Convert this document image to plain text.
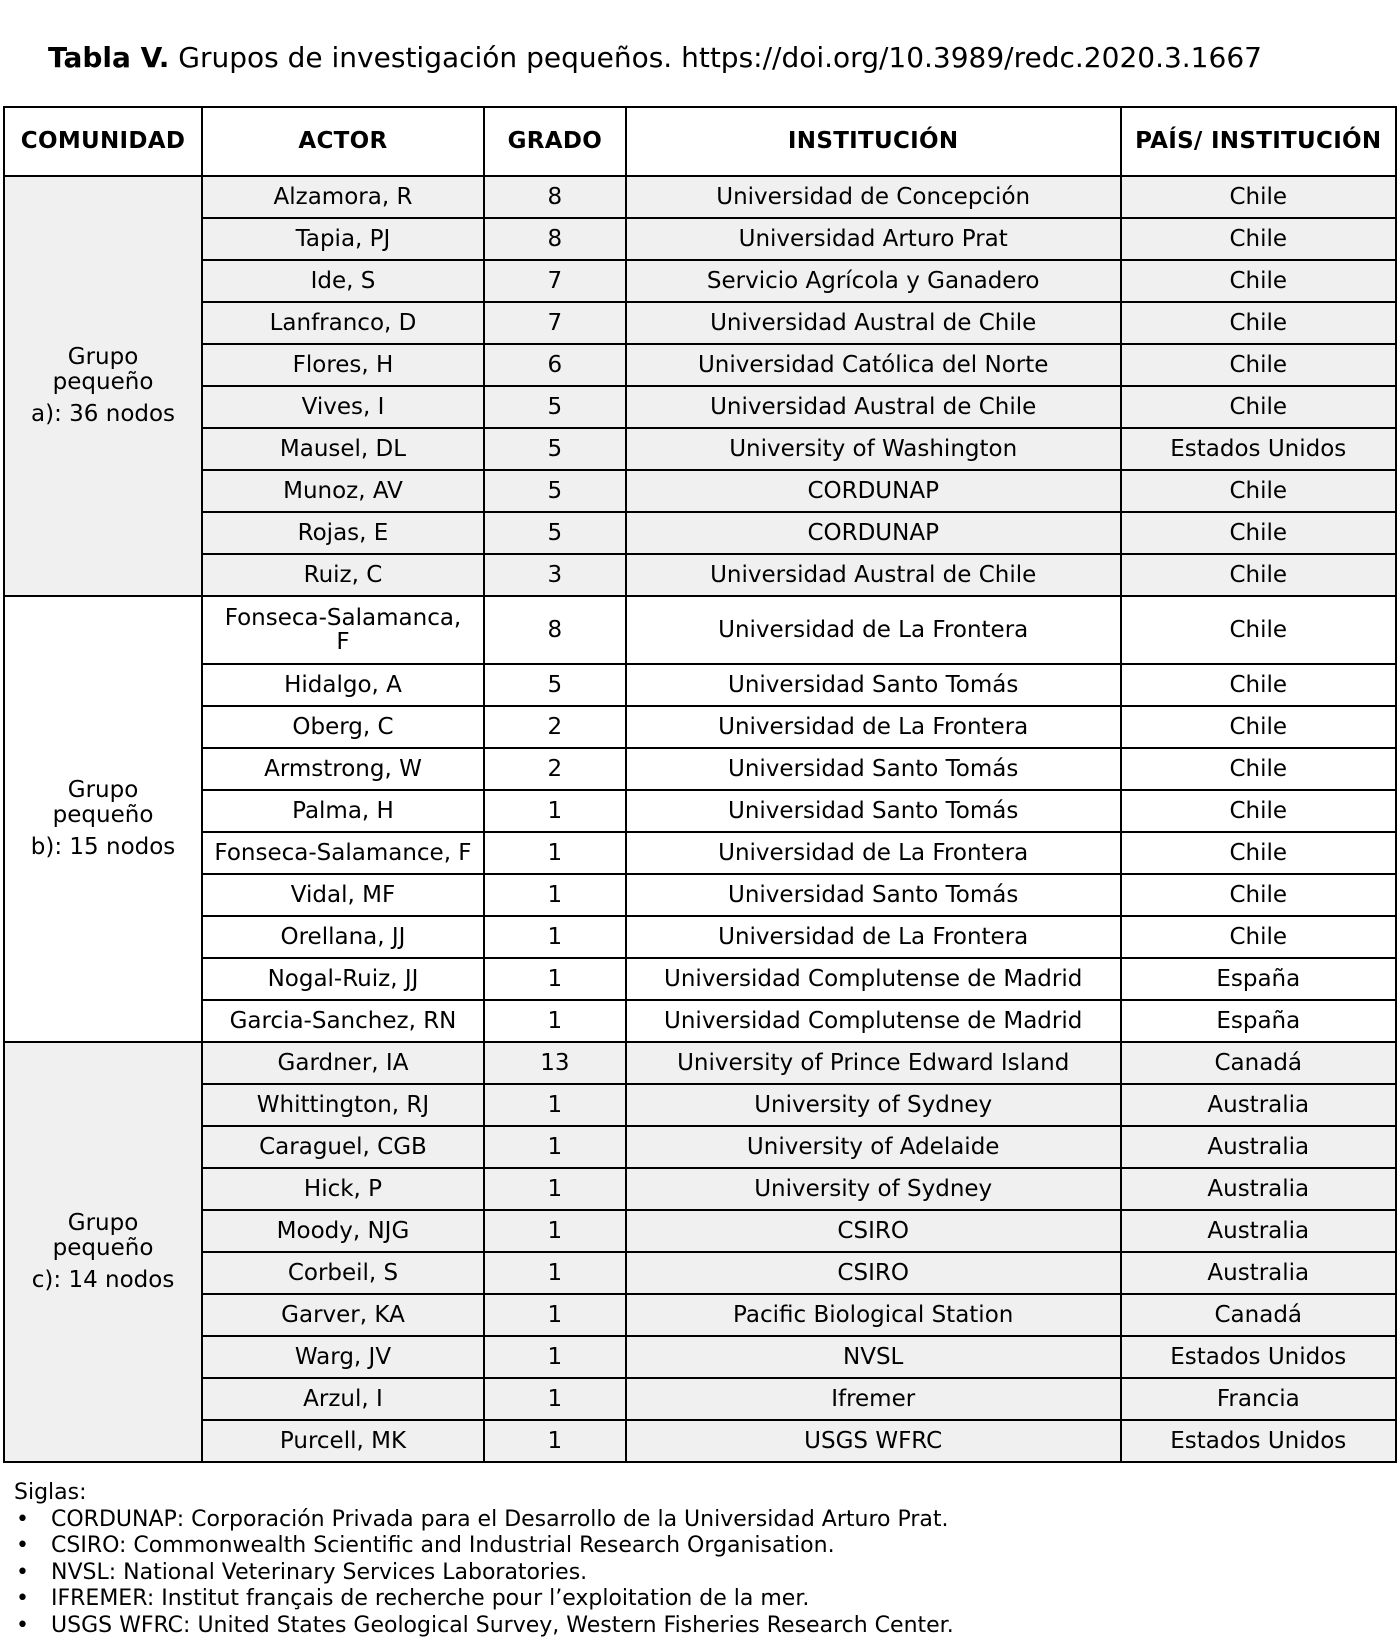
Tabla V. Grupos de investigación pequeños. https://doi.org/10.3989/redc.2020.3.1667
COMUNIDAD	ACTOR	GRADO	INSTITUCIÓN	PAÍS/ INSTITUCIÓN

Grupo
pequeño
a): 36 nodos	Alzamora, R	8	Universidad de Concepción	Chile
	Tapia, PJ	8	Universidad Arturo Prat	Chile
	Ide, S	7	Servicio Agrícola y Ganadero	Chile
	Lanfranco, D	7	Universidad Austral de Chile	Chile
	Flores, H	6	Universidad Católica del Norte	Chile
	Vives, I	5	Universidad Austral de Chile	Chile
	Mausel, DL	5	University of Washington	Estados Unidos
	Munoz, AV	5	CORDUNAP	Chile
	Rojas, E	5	CORDUNAP	Chile
	Ruiz, C	3	Universidad Austral de Chile	Chile

Grupo
pequeño
b): 15 nodos	Fonseca-Salamanca, F	8	Universidad de La Frontera	Chile
	Hidalgo, A	5	Universidad Santo Tomás	Chile
	Oberg, C	2	Universidad de La Frontera	Chile
	Armstrong, W	2	Universidad Santo Tomás	Chile
	Palma, H	1	Universidad Santo Tomás	Chile
	Fonseca-Salamance, F	1	Universidad de La Frontera	Chile
	Vidal, MF	1	Universidad Santo Tomás	Chile
	Orellana, JJ	1	Universidad de La Frontera	Chile
	Nogal-Ruiz, JJ	1	Universidad Complutense de Madrid	España
	Garcia-Sanchez, RN	1	Universidad Complutense de Madrid	España

Grupo
pequeño
c): 14 nodos	Gardner, IA	13	University of Prince Edward Island	Canadá
	Whittington, RJ	1	University of Sydney	Australia
	Caraguel, CGB	1	University of Adelaide	Australia
	Hick, P	1	University of Sydney	Australia
	Moody, NJG	1	CSIRO	Australia
	Corbeil, S	1	CSIRO	Australia
	Garver, KA	1	Pacific Biological Station	Canadá
	Warg, JV	1	NVSL	Estados Unidos
	Arzul, I	1	Ifremer	Francia
	Purcell, MK	1	USGS WFRC	Estados Unidos
Siglas:
• CORDUNAP: Corporación Privada para el Desarrollo de la Universidad Arturo Prat.
• CSIRO: Commonwealth Scientific and Industrial Research Organisation.
• NVSL: National Veterinary Services Laboratories.
• IFREMER: Institut français de recherche pour l’exploitation de la mer.
• USGS WFRC: United States Geological Survey, Western Fisheries Research Center.
